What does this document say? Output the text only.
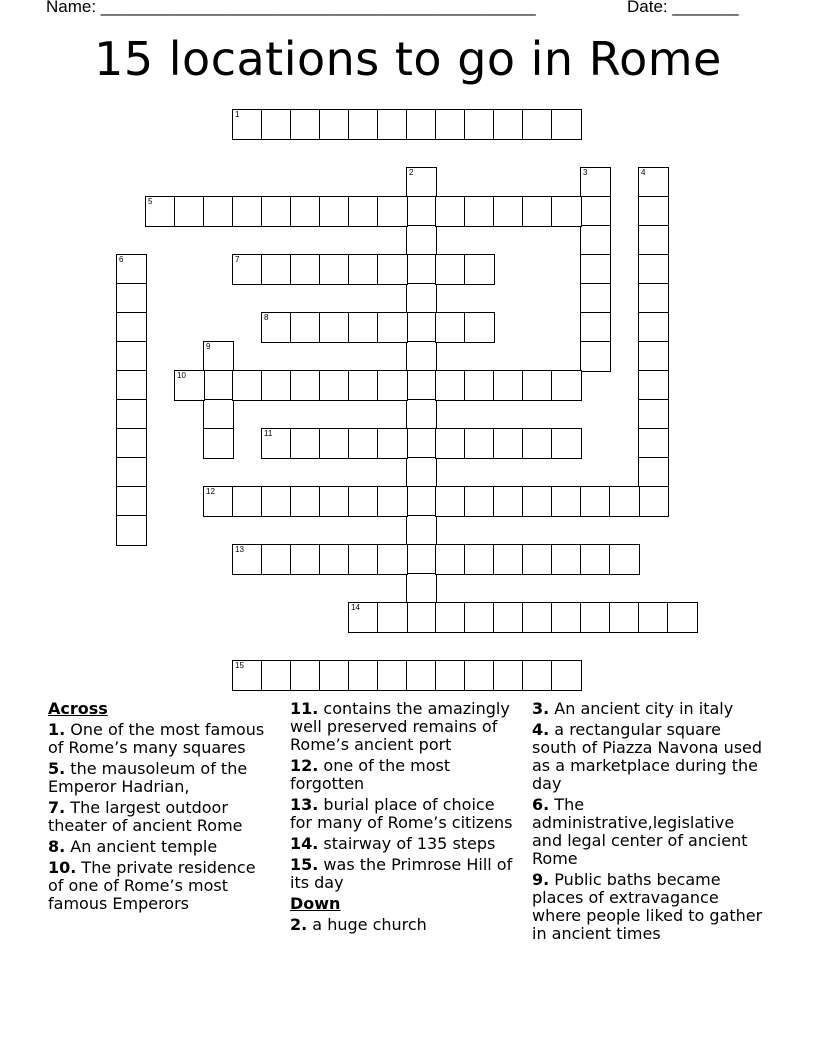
Name: ______________________________________________	Date: _______
15 locations to go in Rome
1
2	3	4
5
6	7
8
9
10
11
12
13
14
15
Across
1. One of the most famous of Rome’s many squares
5. the mausoleum of the Emperor Hadrian,
7. The largest outdoor theater of ancient Rome
8. An ancient temple
10. The private residence of one of Rome’s most famous Emperors
11. contains the amazingly well preserved remains of Rome’s ancient port
12. one of the most forgotten
13. burial place of choice for many of Rome’s citizens
14. stairway of 135 steps
15. was the Primrose Hill of its day
Down
2. a huge church
3. An ancient city in italy
4. a rectangular square south of Piazza Navona used as a marketplace during the day
6. The administrative,legislative and legal center of ancient Rome
9. Public baths became places of extravagance where people liked to gather in ancient times
